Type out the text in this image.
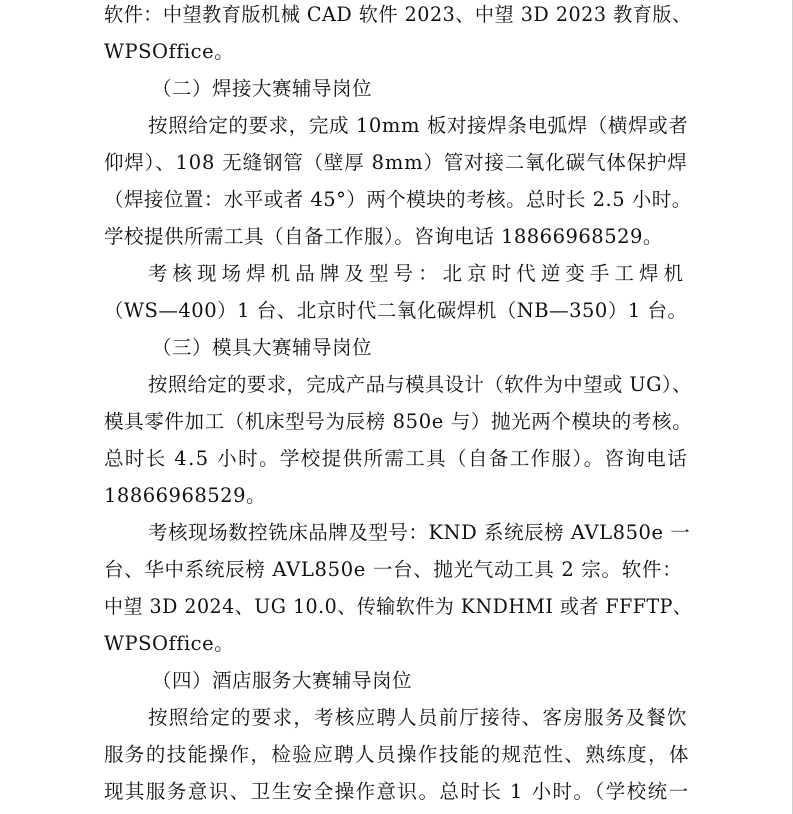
软件：中望教育版机械 CAD 软件 2023、中望 3D 2023 教育版、
WPSOffice。
（二）焊接大赛辅导岗位
按照给定的要求，完成 10mm 板对接焊条电弧焊（横焊或者
仰焊）、108 无缝钢管（壁厚 8mm）管对接二氧化碳气体保护焊
（焊接位置：水平或者 45°）两个模块的考核。总时长 2.5 小时。
学校提供所需工具（自备工作服）。咨询电话 18866968529。
考核现场焊机品牌及型号：北京时代逆变手工焊机
（WS—400）1 台、北京时代二氧化碳焊机（NB—350）1 台。
（三）模具大赛辅导岗位
按照给定的要求，完成产品与模具设计（软件为中望或 UG）、
模具零件加工（机床型号为辰榜 850e 与）抛光两个模块的考核。
总时长 4.5 小时。学校提供所需工具（自备工作服）。咨询电话
18866968529。
考核现场数控铣床品牌及型号：KND 系统辰榜 AVL850e 一
台、华中系统辰榜 AVL850e 一台、抛光气动工具 2 宗。软件：
中望 3D 2024、UG 10.0、传输软件为 KNDHMI 或者 FFFTP、
WPSOffice。
（四）酒店服务大赛辅导岗位
按照给定的要求，考核应聘人员前厅接待、客房服务及餐饮
服务的技能操作，检验应聘人员操作技能的规范性、熟练度，体
现其服务意识、卫生安全操作意识。总时长 1 小时。（学校统一
